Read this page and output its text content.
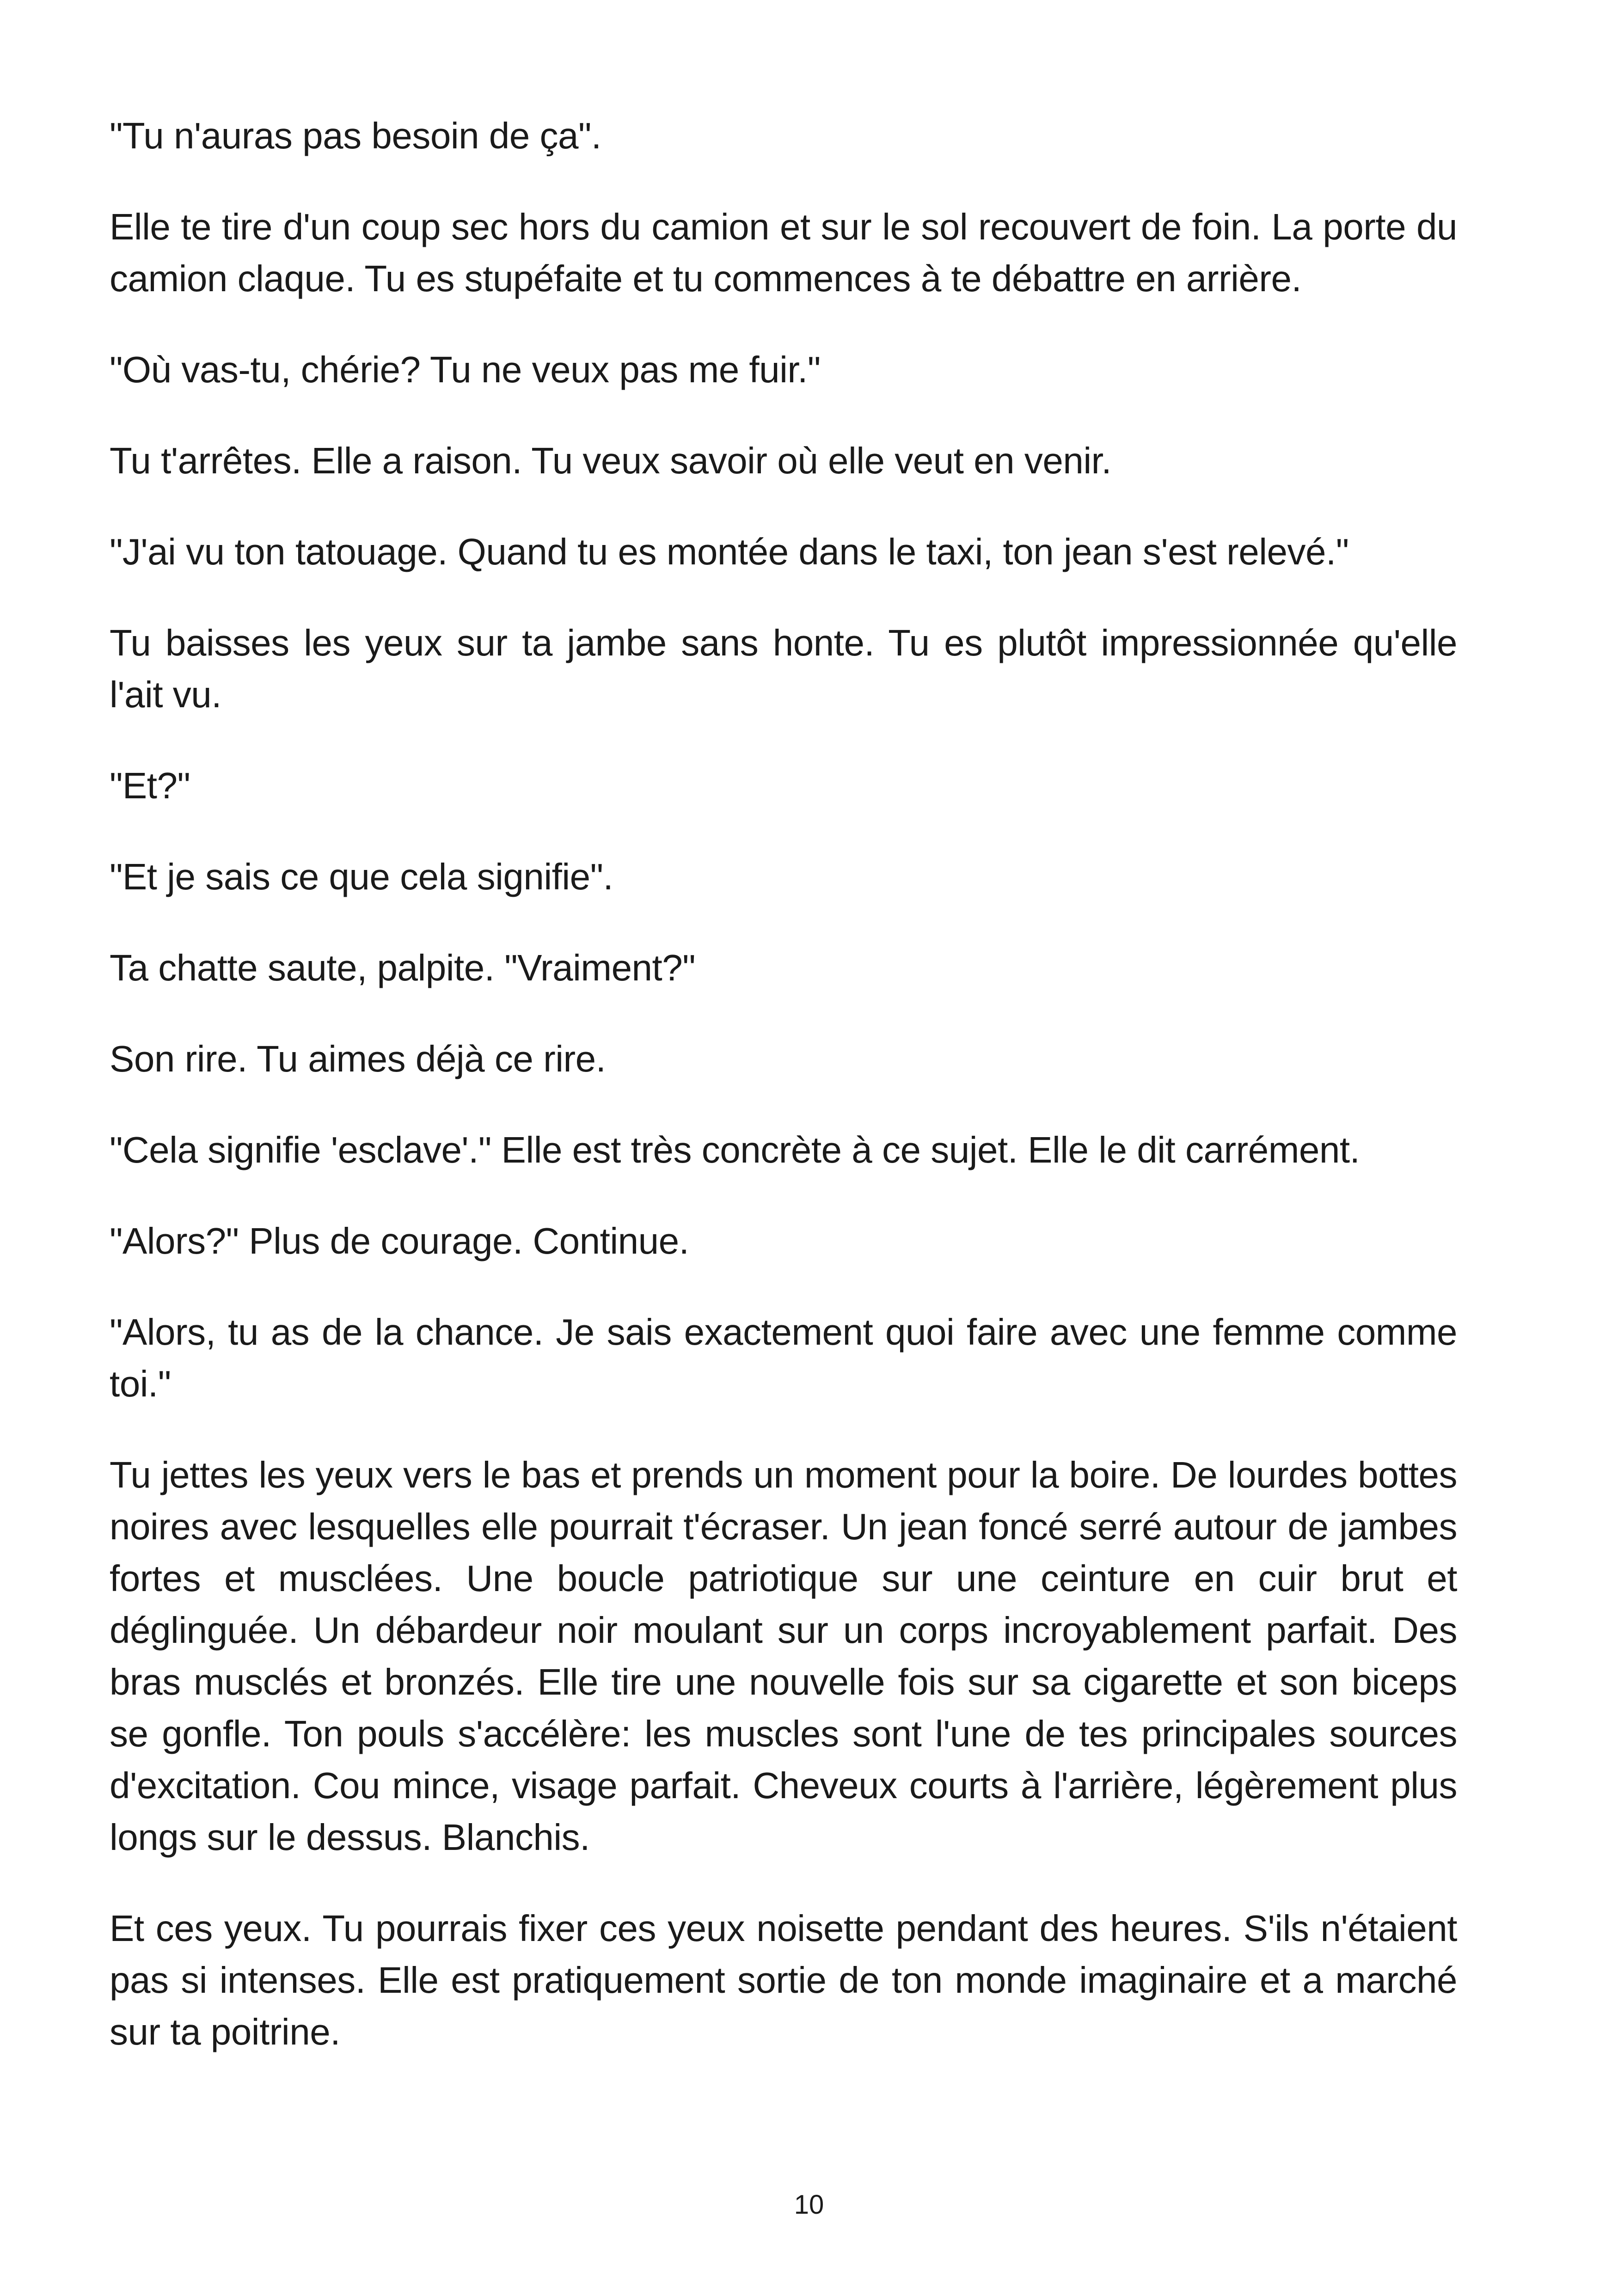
"Tu n'auras pas besoin de ça".

Elle te tire d'un coup sec hors du camion et sur le sol recouvert de foin. La porte du camion claque. Tu es stupéfaite et tu commences à te débattre en arrière.

"Où vas-tu, chérie? Tu ne veux pas me fuir."

Tu t'arrêtes. Elle a raison. Tu veux savoir où elle veut en venir.

"J'ai vu ton tatouage. Quand tu es montée dans le taxi, ton jean s'est relevé."

Tu baisses les yeux sur ta jambe sans honte. Tu es plutôt impressionnée qu'elle l'ait vu.

"Et?"

"Et je sais ce que cela signifie".

Ta chatte saute, palpite. "Vraiment?"

Son rire. Tu aimes déjà ce rire.

"Cela signifie 'esclave'." Elle est très concrète à ce sujet. Elle le dit carrément.

"Alors?" Plus de courage. Continue.

"Alors, tu as de la chance. Je sais exactement quoi faire avec une femme comme toi."

Tu jettes les yeux vers le bas et prends un moment pour la boire. De lourdes bottes noires avec lesquelles elle pourrait t'écraser. Un jean foncé serré autour de jambes fortes et musclées. Une boucle patriotique sur une ceinture en cuir brut et déglinguée. Un débardeur noir moulant sur un corps incroyablement parfait. Des bras musclés et bronzés. Elle tire une nouvelle fois sur sa cigarette et son biceps se gonfle. Ton pouls s'accélère: les muscles sont l'une de tes principales sources d'excitation. Cou mince, visage parfait. Cheveux courts à l'arrière, légèrement plus longs sur le dessus. Blanchis.

Et ces yeux. Tu pourrais fixer ces yeux noisette pendant des heures. S'ils n'étaient pas si intenses. Elle est pratiquement sortie de ton monde imaginaire et a marché sur ta poitrine.

10
